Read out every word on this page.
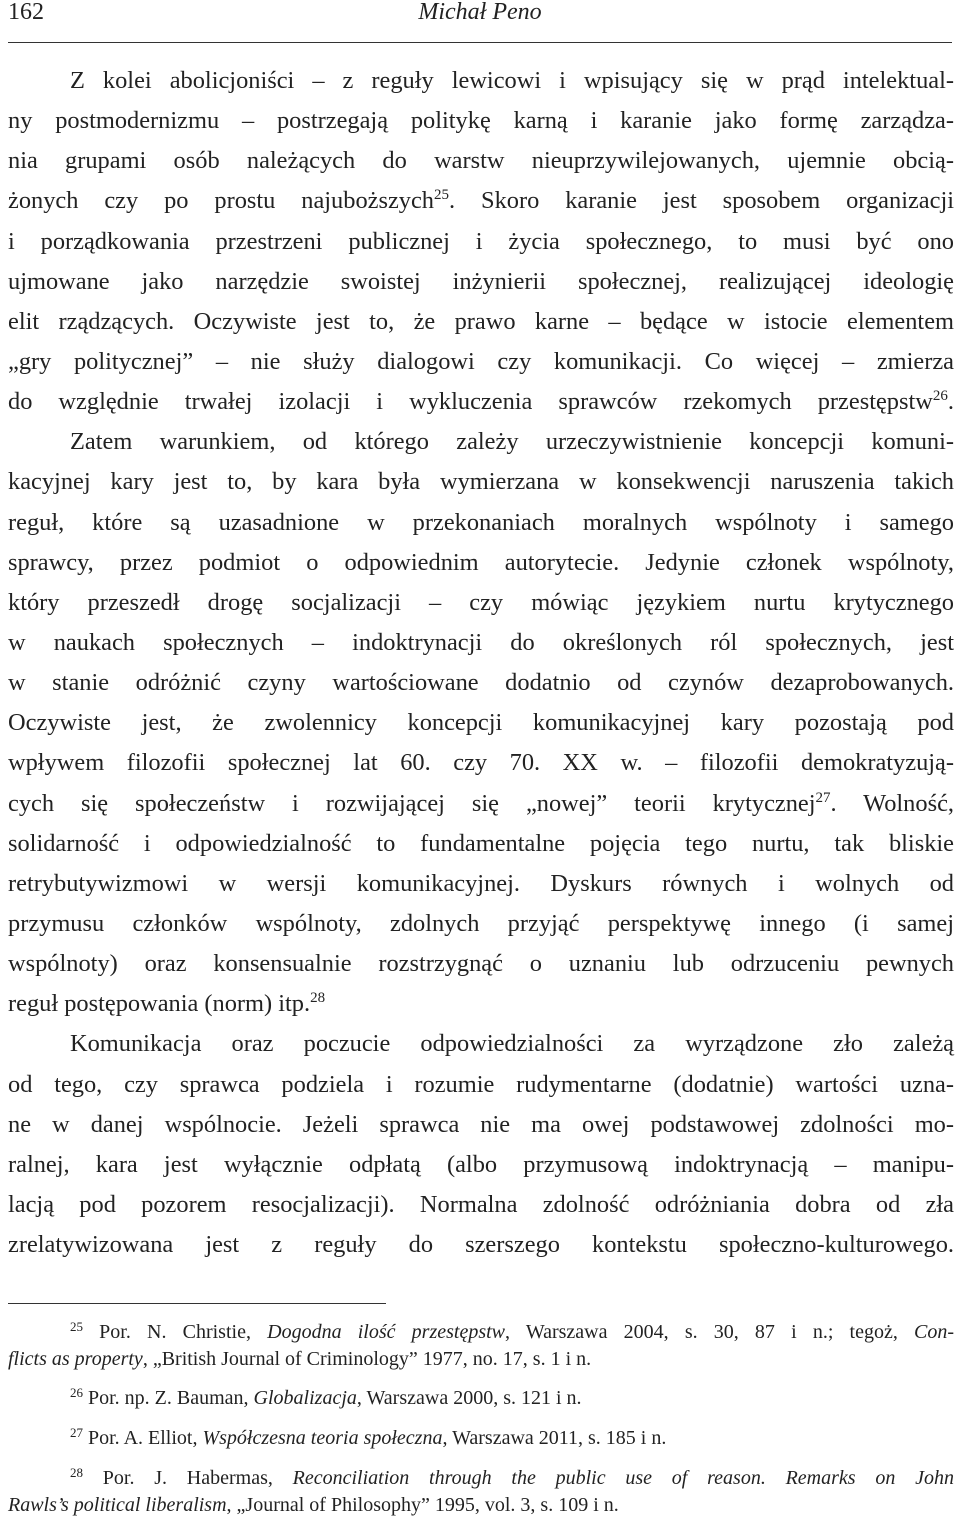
162	Michał Peno
Z kolei abolicjoniści – z reguły lewicowi i wpisujący się w prąd intelektual-
ny postmodernizmu – postrzegają politykę karną i karanie jako formę zarządza-
nia grupami osób należących do warstw nieuprzywilejowanych, ujemnie obcią-
żonych czy po prostu najuboższych$^{25}$. Skoro karanie jest sposobem organizacji
i porządkowania przestrzeni publicznej i życia społecznego, to musi być ono
ujmowane jako narzędzie swoistej inżynierii społecznej, realizującej ideologię
elit rządzących. Oczywiste jest to, że prawo karne – będące w istocie elementem
„gry politycznej” – nie służy dialogowi czy komunikacji. Co więcej – zmierza
do względnie trwałej izolacji i wykluczenia sprawców rzekomych przestępstw$^{26}$.
Zatem warunkiem, od którego zależy urzeczywistnienie koncepcji komuni-
kacyjnej kary jest to, by kara była wymierzana w konsekwencji naruszenia takich
reguł, które są uzasadnione w przekonaniach moralnych wspólnoty i samego
sprawcy, przez podmiot o odpowiednim autorytecie. Jedynie członek wspólnoty,
który przeszedł drogę socjalizacji – czy mówiąc językiem nurtu krytycznego
w naukach społecznych – indoktrynacji do określonych ról społecznych, jest
w stanie odróżnić czyny wartościowane dodatnio od czynów dezaprobowanych.
Oczywiste jest, że zwolennicy koncepcji komunikacyjnej kary pozostają pod
wpływem filozofii społecznej lat 60. czy 70. XX w. – filozofii demokratyzują-
cych się społeczeństw i rozwijającej się „nowej” teorii krytycznej$^{27}$. Wolność,
solidarność i odpowiedzialność to fundamentalne pojęcia tego nurtu, tak bliskie
retrybutywizmowi w wersji komunikacyjnej. Dyskurs równych i wolnych od
przymusu członków wspólnoty, zdolnych przyjąć perspektywę innego (i samej
wspólnoty) oraz konsensualnie rozstrzygnąć o uznaniu lub odrzuceniu pewnych
reguł postępowania (norm) itp.$^{28}$
Komunikacja oraz poczucie odpowiedzialności za wyrządzone zło zależą
od tego, czy sprawca podziela i rozumie rudymentarne (dodatnie) wartości uzna-
ne w danej wspólnocie. Jeżeli sprawca nie ma owej podstawowej zdolności mo-
ralnej, kara jest wyłącznie odpłatą (albo przymusową indoktrynacją – manipu-
lacją pod pozorem resocjalizacji). Normalna zdolność odróżniania dobra od zła
zrelatywizowana jest z reguły do szerszego kontekstu społeczno-kulturowego.
$^{25}$ Por. N. Christie, Dogodna ilość przestępstw, Warszawa 2004, s. 30, 87 i n.; tegoż, Con-
flicts as property, „British Journal of Criminology” 1977, no. 17, s. 1 i n.
$^{26}$ Por. np. Z. Bauman, Globalizacja, Warszawa 2000, s. 121 i n.
$^{27}$ Por. A. Elliot, Współczesna teoria społeczna, Warszawa 2011, s. 185 i n.
$^{28}$ Por. J. Habermas, Reconciliation through the public use of reason. Remarks on John
Rawls’s political liberalism, „Journal of Philosophy” 1995, vol. 3, s. 109 i n.
